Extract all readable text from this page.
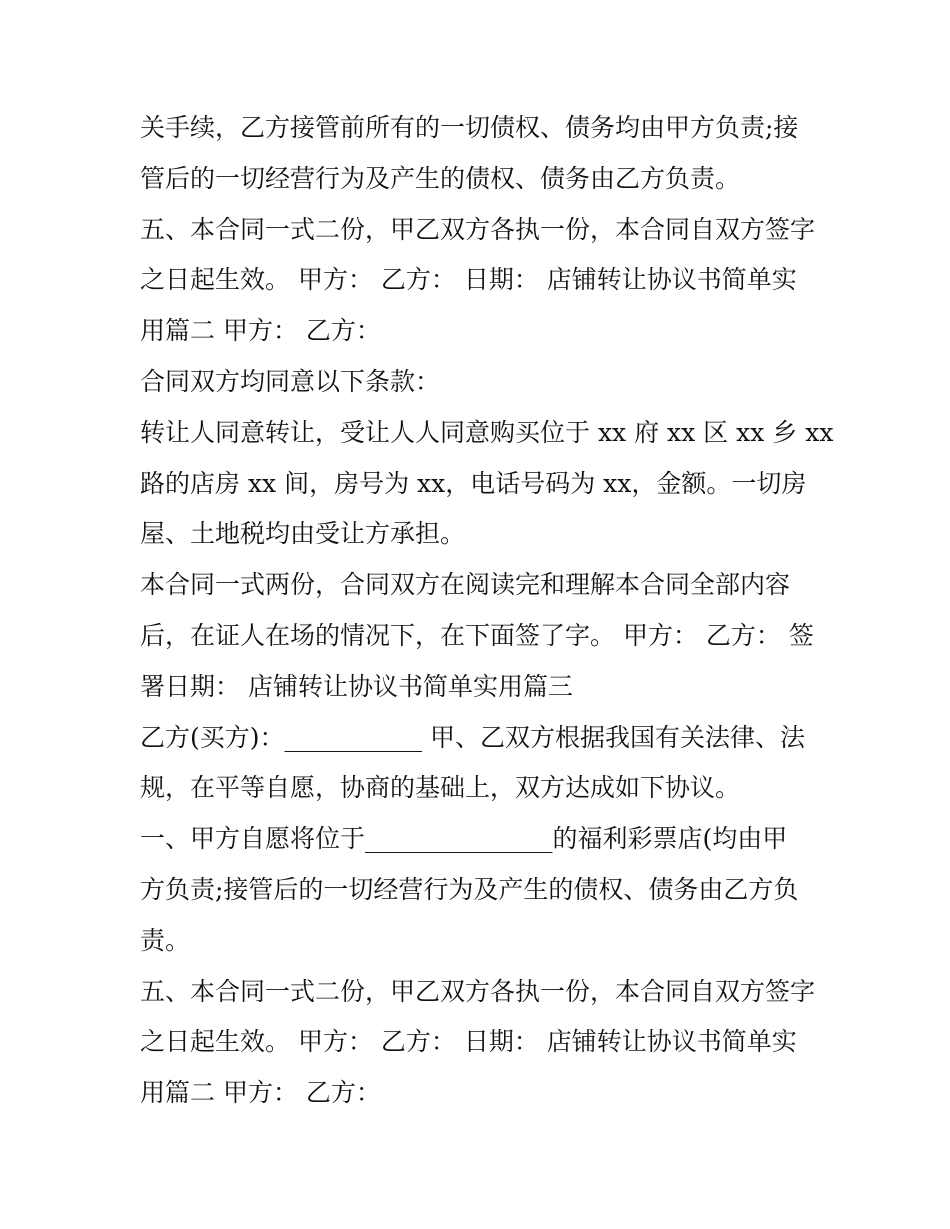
关手续，乙方接管前所有的一切债权、债务均由甲方负责;接
管后的一切经营行为及产生的债权、债务由乙方负责。
五、本合同一式二份，甲乙双方各执一份，本合同自双方签字
之日起生效。 甲方： 乙方： 日期： 店铺转让协议书简单实
用篇二 甲方： 乙方：
合同双方均同意以下条款：
转让人同意转让，受让人人同意购买位于 xx 府 xx 区 xx 乡 xx
路的店房 xx 间，房号为 xx，电话号码为 xx，金额。一切房
屋、土地税均由受让方承担。
本合同一式两份，合同双方在阅读完和理解本合同全部内容
后，在证人在场的情况下，在下面签了字。 甲方： 乙方： 签
署日期： 店铺转让协议书简单实用篇三
乙方(买方)：___________ 甲、乙双方根据我国有关法律、法
规，在平等自愿，协商的基础上，双方达成如下协议。
一、甲方自愿将位于_______________的福利彩票店(均由甲
方负责;接管后的一切经营行为及产生的债权、债务由乙方负
责。
五、本合同一式二份，甲乙双方各执一份，本合同自双方签字
之日起生效。 甲方： 乙方： 日期： 店铺转让协议书简单实
用篇二 甲方： 乙方：
